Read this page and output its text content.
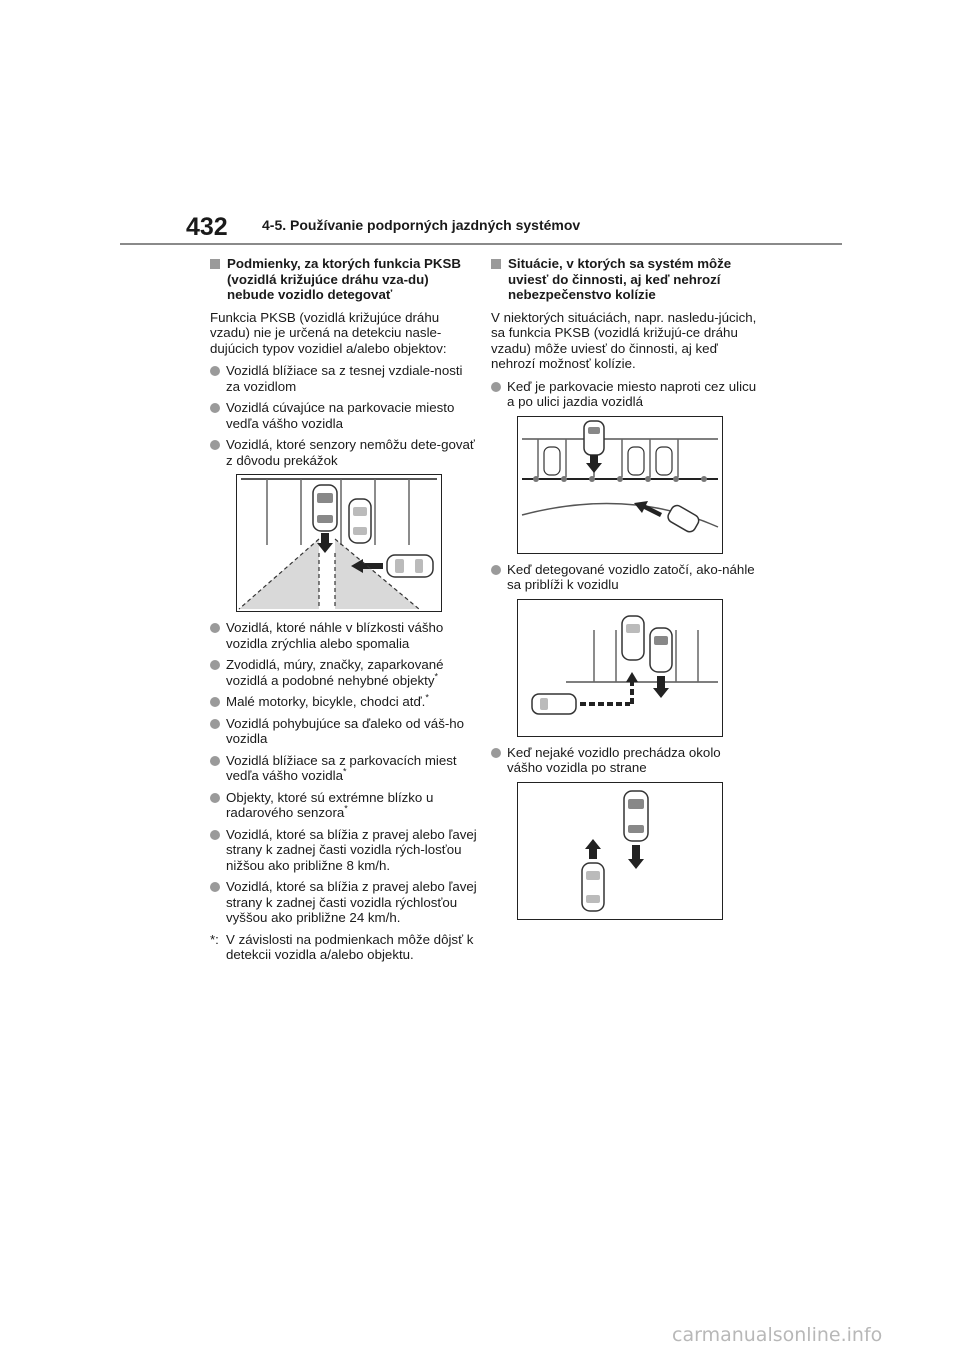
432 4-5. Používanie podporných jazdných systémov
Podmienky, za ktorých funkcia PKSB (vozidlá križujúce dráhu vza-du) nebude vozidlo detegovať
Funkcia PKSB (vozidlá križujúce dráhu vzadu) nie je určená na detekciu nasle-dujúcich typov vozidiel a/alebo objektov:
Vozidlá blížiace sa z tesnej vzdiale-nosti za vozidlom
Vozidlá cúvajúce na parkovacie miesto vedľa vášho vozidla
Vozidlá, ktoré senzory nemôžu dete-govať z dôvodu prekážok
Vozidlá, ktoré náhle v blízkosti vášho vozidla zrýchlia alebo spomalia
Zvodidlá, múry, značky, zaparkované vozidlá a podobné nehybné objekty*
Malé motorky, bicykle, chodci atď.*
Vozidlá pohybujúce sa ďaleko od váš-ho vozidla
Vozidlá blížiace sa z parkovacích miest vedľa vášho vozidla*
Objekty, ktoré sú extrémne blízko u radarového senzora*
Vozidlá, ktoré sa blížia z pravej alebo ľavej strany k zadnej časti vozidla rých-losťou nižšou ako približne 8 km/h.
Vozidlá, ktoré sa blížia z pravej alebo ľavej strany k zadnej časti vozidla rýchlosťou vyššou ako približne 24 km/h.
*: V závislosti na podmienkach môže dôjsť k detekcii vozidla a/alebo objektu.
Situácie, v ktorých sa systém môže uviesť do činnosti, aj keď nehrozí nebezpečenstvo kolízie
V niektorých situáciách, napr. nasledu-júcich, sa funkcia PKSB (vozidlá križujú-ce dráhu vzadu) môže uviesť do činnosti, aj keď nehrozí možnosť kolízie.
Keď je parkovacie miesto naproti cez ulicu a po ulici jazdia vozidlá
Keď detegované vozidlo zatočí, ako-náhle sa priblíži k vozidlu
Keď nejaké vozidlo prechádza okolo vášho vozidla po strane
carmanualsonline.info
